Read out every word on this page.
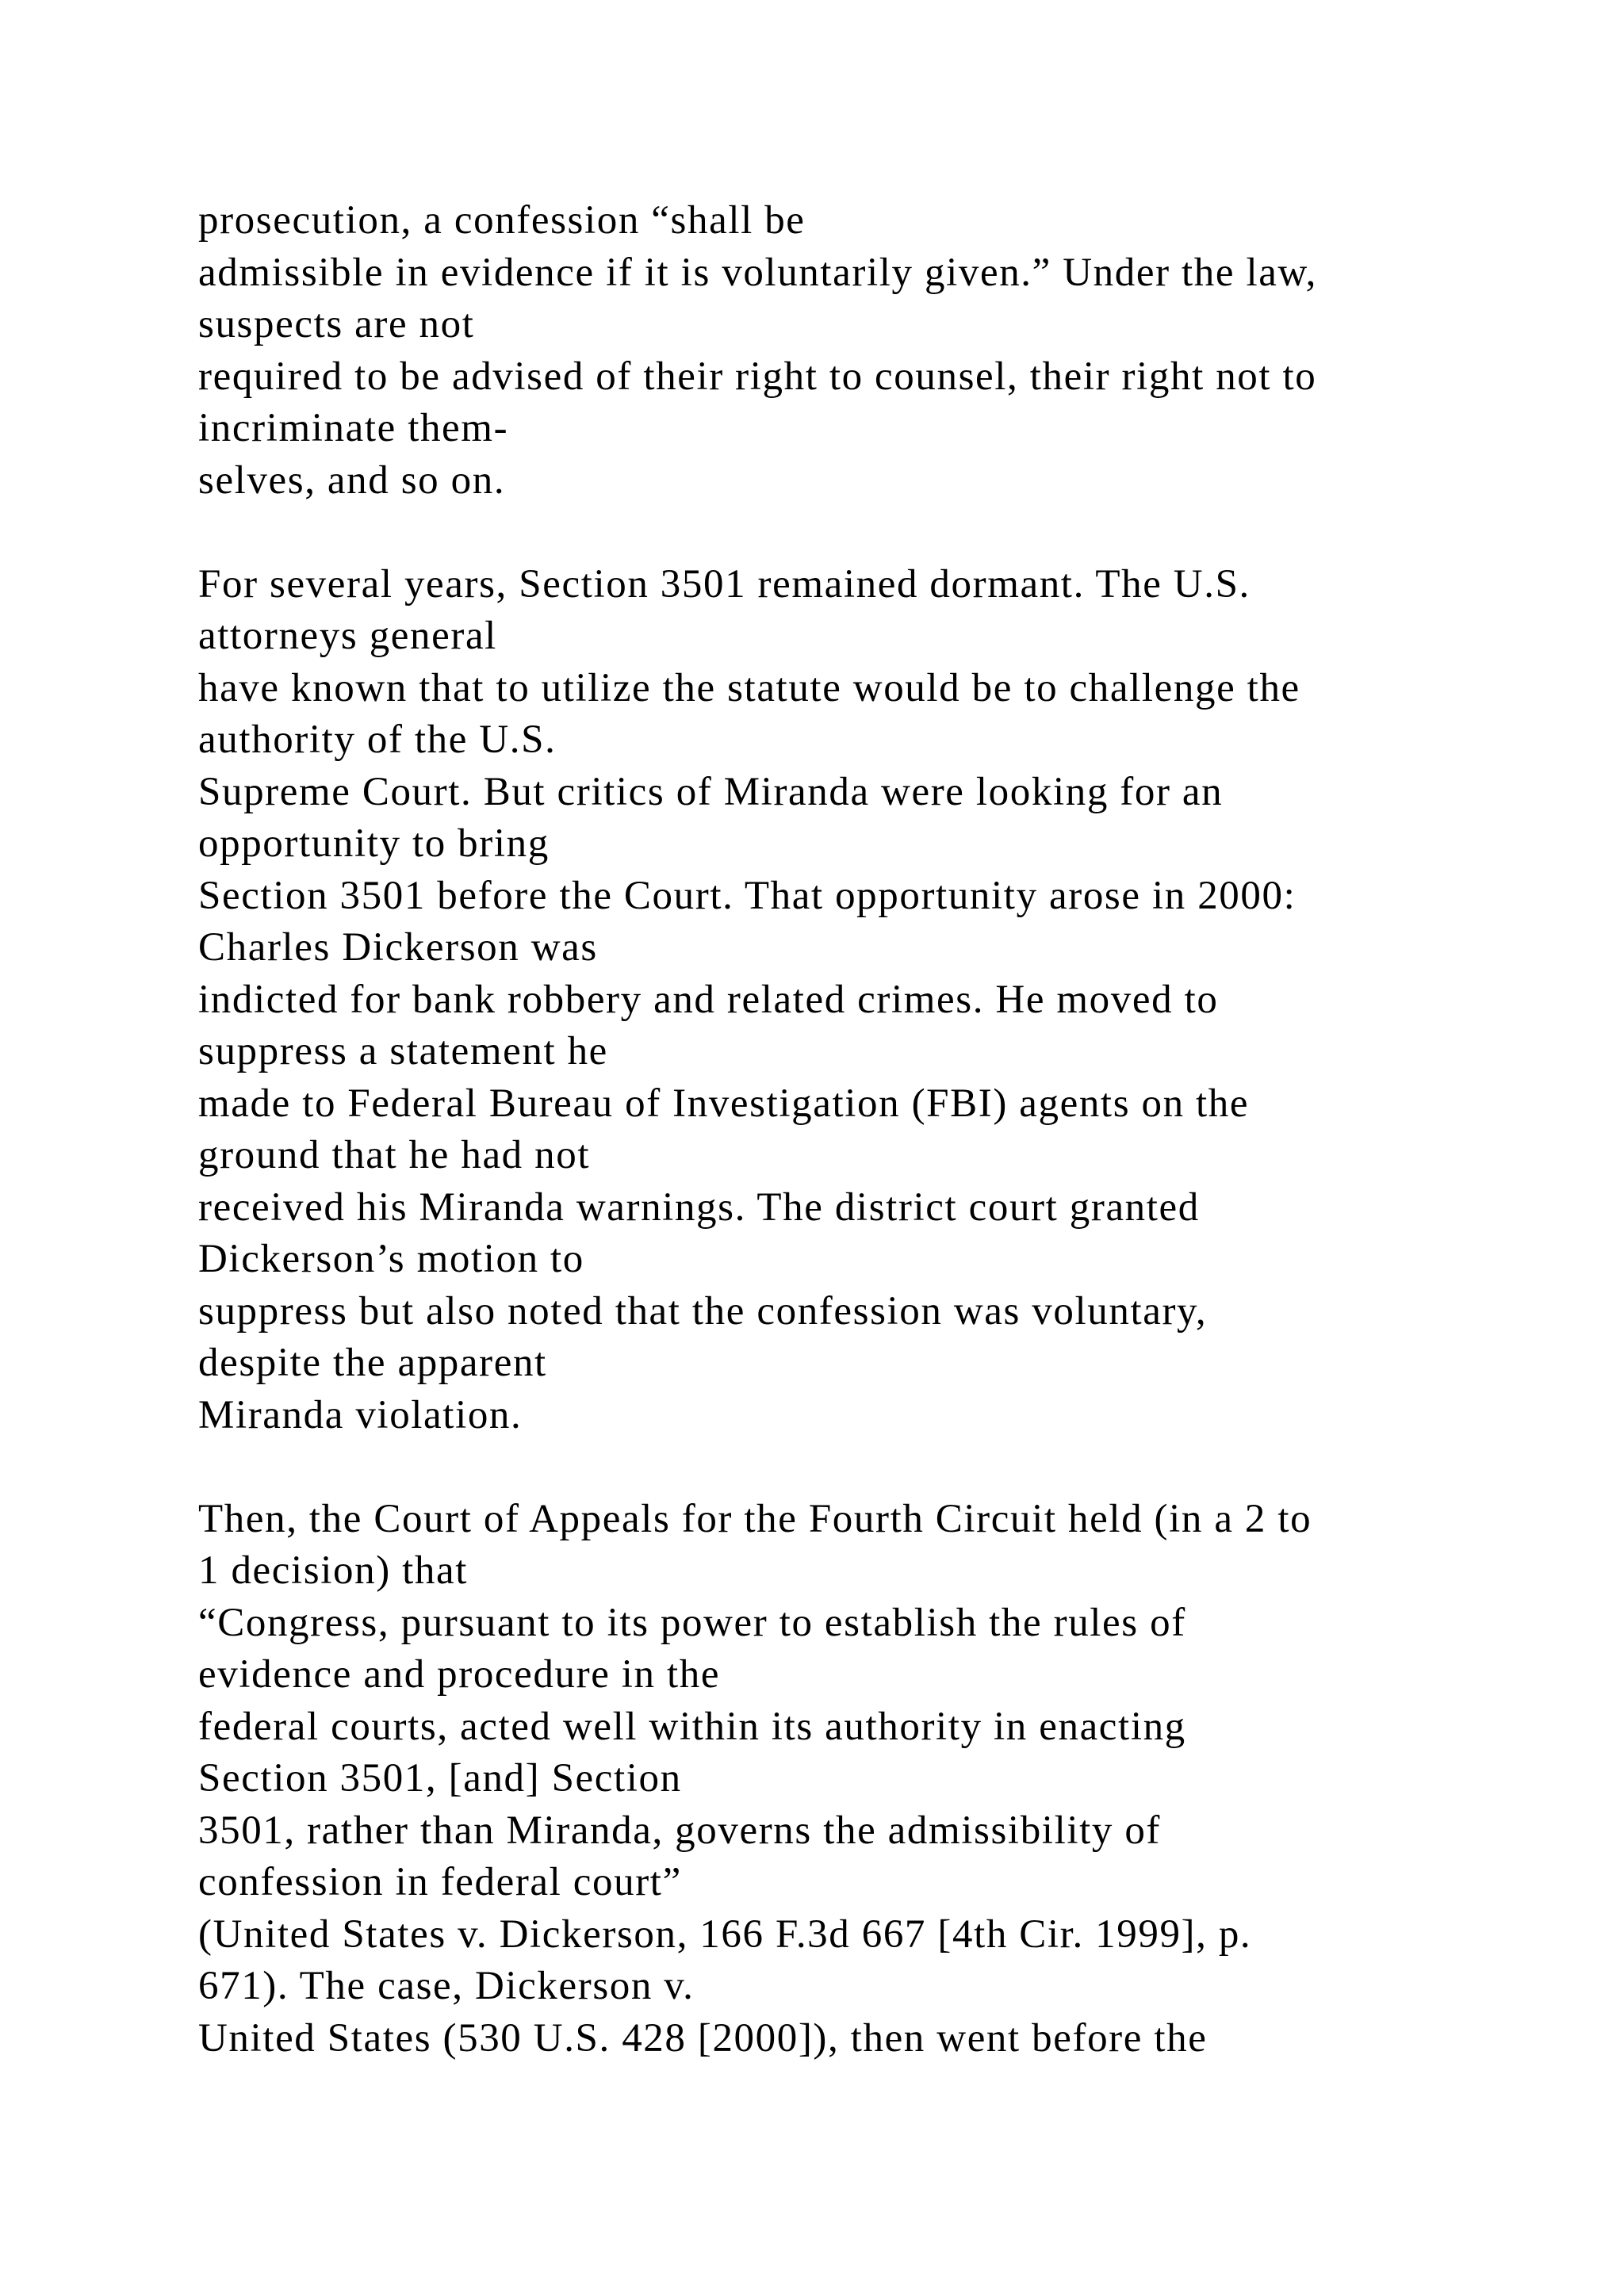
prosecution, a confession “shall be
admissible in evidence if it is voluntarily given.” Under the law,
suspects are not
required to be advised of their right to counsel, their right not to
incriminate them-
selves, and so on.
For several years, Section 3501 remained dormant. The U.S.
attorneys general
have known that to utilize the statute would be to challenge the
authority of the U.S.
Supreme Court. But critics of Miranda were looking for an
opportunity to bring
Section 3501 before the Court. That opportunity arose in 2000:
Charles Dickerson was
indicted for bank robbery and related crimes. He moved to
suppress a statement he
made to Federal Bureau of Investigation (FBI) agents on the
ground that he had not
received his Miranda warnings. The district court granted
Dickerson’s motion to
suppress but also noted that the confession was voluntary,
despite the apparent
Miranda violation.
Then, the Court of Appeals for the Fourth Circuit held (in a 2 to
1 decision) that
“Congress, pursuant to its power to establish the rules of
evidence and procedure in the
federal courts, acted well within its authority in enacting
Section 3501, [and] Section
3501, rather than Miranda, governs the admissibility of
confession in federal court”
(United States v. Dickerson, 166 F.3d 667 [4th Cir. 1999], p.
671). The case, Dickerson v.
United States (530 U.S. 428 [2000]), then went before the
